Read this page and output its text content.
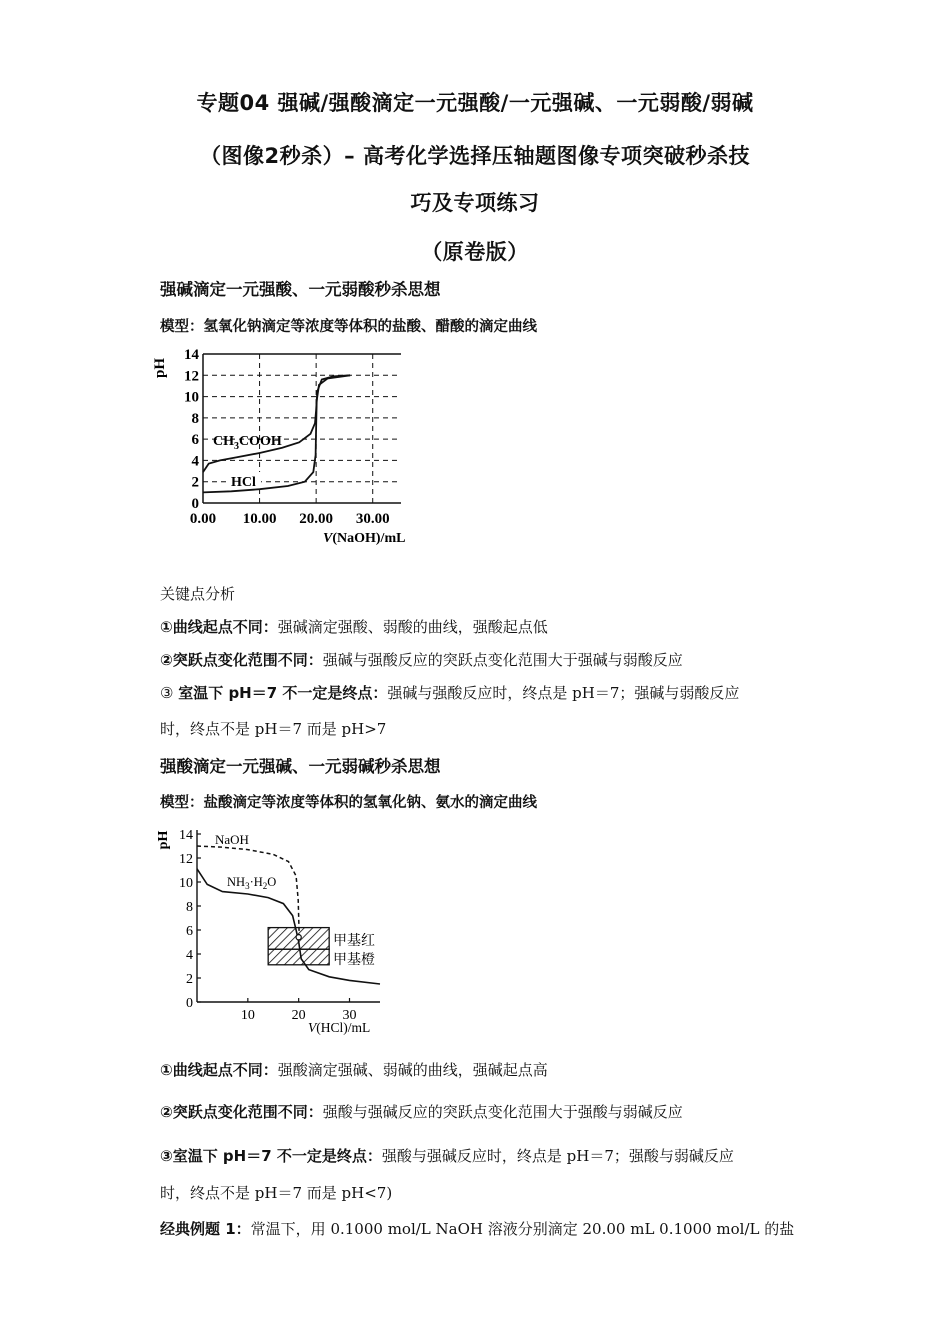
专题04 强碱/强酸滴定一元强酸/一元强碱、一元弱酸/弱碱
（图像2秒杀）– 高考化学选择压轴题图像专项突破秒杀技
巧及专项练习
（原卷版）
强碱滴定一元强酸、一元弱酸秒杀思想
模型：氢氧化钠滴定等浓度等体积的盐酸、醋酸的滴定曲线
0
2
4
6
8
10
12
14
0.00 10.00 20.00 30.00
pH
$CH_3COOH$
HCl
V(NaOH)/mL
关键点分析
①曲线起点不同：强碱滴定强酸、弱酸的曲线，强酸起点低
②突跃点变化范围不同：强碱与强酸反应的突跃点变化范围大于强碱与弱酸反应
③ 室温下 pH＝7 不一定是终点：强碱与强酸反应时，终点是 pH＝7；强碱与弱酸反应
时，终点不是 pH＝7 而是 pH>7
强酸滴定一元强碱、一元弱碱秒杀思想
模型：盐酸滴定等浓度等体积的氢氧化钠、氨水的滴定曲线
0
2
4
6
8
10
12
14
10	20	30
pH	NaOH
$NH_3\cdot H_2O$
甲基红
甲基橙
V(HCl)/mL
①曲线起点不同：强酸滴定强碱、弱碱的曲线，强碱起点高
②突跃点变化范围不同：强酸与强碱反应的突跃点变化范围大于强酸与弱碱反应
③室温下 pH＝7 不一定是终点：强酸与强碱反应时，终点是 pH＝7；强酸与弱碱反应
时，终点不是 pH＝7 而是 pH<7)
经典例题 1：常温下，用 0.1000 mol/L NaOH 溶液分别滴定 20.00 mL 0.1000 mol/L 的盐
